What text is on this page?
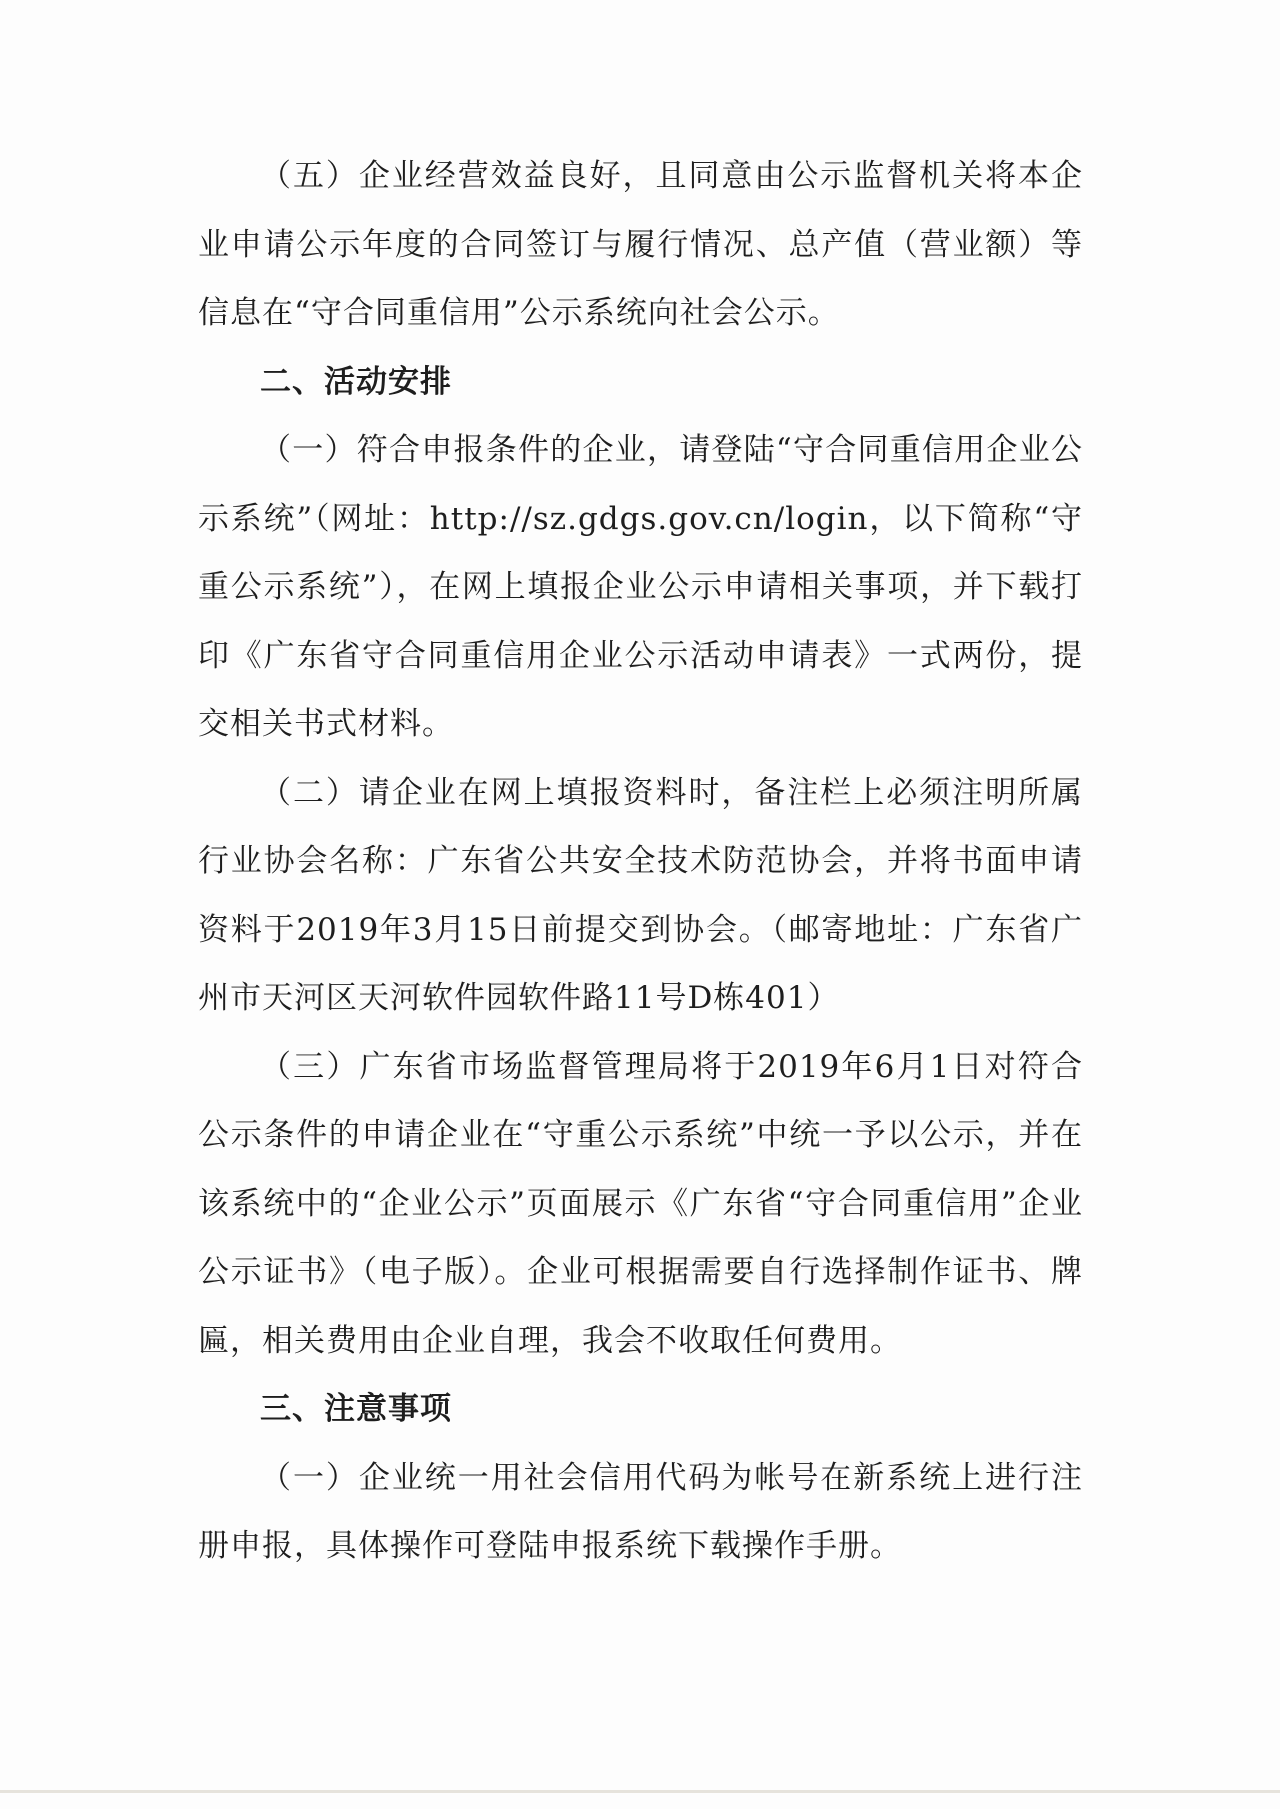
（五）企业经营效益良好，且同意由公示监督机关将本企业申请公示年度的合同签订与履行情况、总产值（营业额）等信息在“守合同重信用”公示系统向社会公示。

二、活动安排

（一）符合申报条件的企业，请登陆“守合同重信用企业公示系统”（网址：http://sz.gdgs.gov.cn/login，以下简称“守重公示系统”），在网上填报企业公示申请相关事项，并下载打印《广东省守合同重信用企业公示活动申请表》一式两份，提交相关书式材料。

（二）请企业在网上填报资料时，备注栏上必须注明所属行业协会名称：广东省公共安全技术防范协会，并将书面申请资料于2019年3月15日前提交到协会。（邮寄地址：广东省广州市天河区天河软件园软件路11号D栋401）

（三）广东省市场监督管理局将于2019年6月1日对符合公示条件的申请企业在“守重公示系统”中统一予以公示，并在该系统中的“企业公示”页面展示《广东省“守合同重信用”企业公示证书》（电子版）。企业可根据需要自行选择制作证书、牌匾，相关费用由企业自理，我会不收取任何费用。

三、注意事项

（一）企业统一用社会信用代码为帐号在新系统上进行注册申报，具体操作可登陆申报系统下载操作手册。
